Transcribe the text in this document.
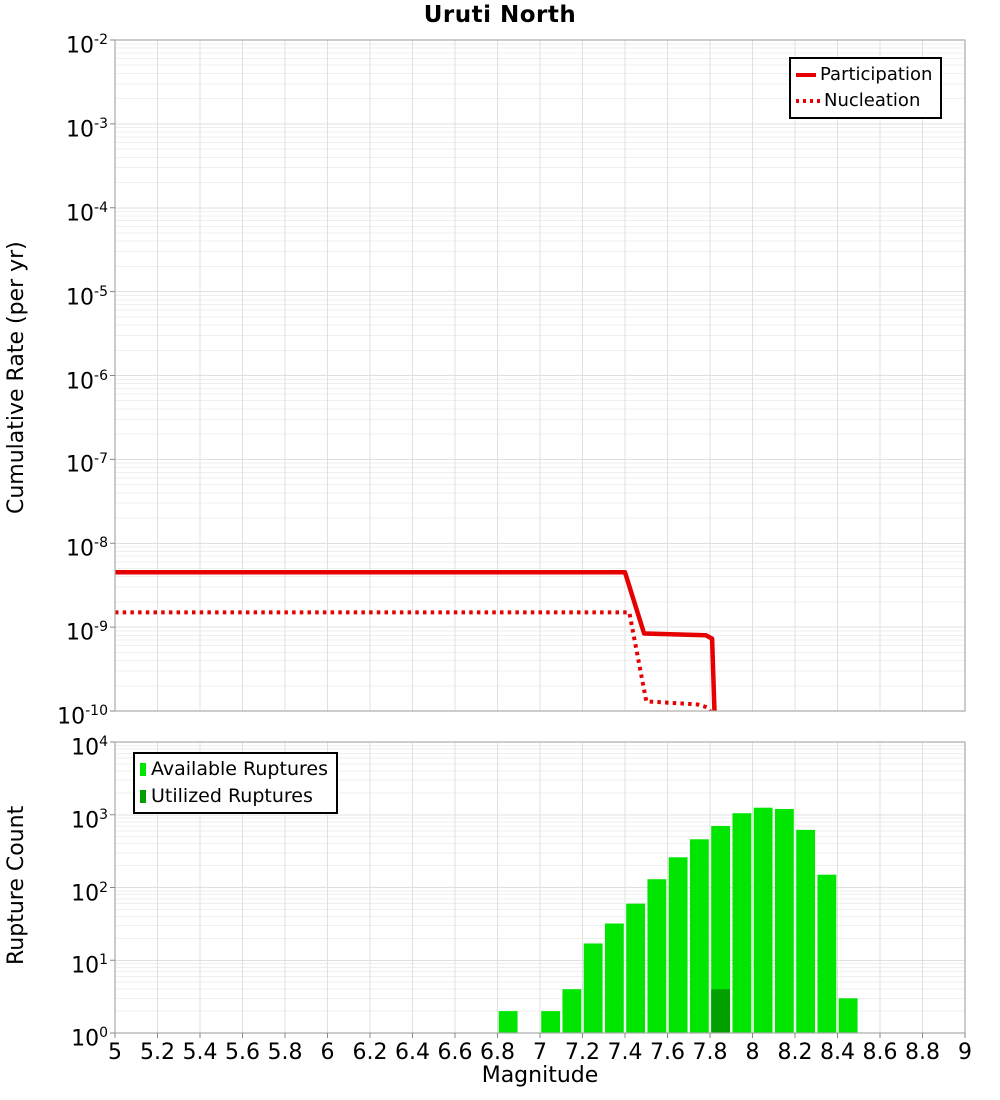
Uruti North
Cumulative Rate (per yr)
Rupture Count
Magnitude
$10^{-2}$
$10^{-3}$
$10^{-4}$
$10^{-5}$
$10^{-6}$
$10^{-7}$
$10^{-8}$
$10^{-9}$
$10^{-10}$
$10^4$
$10^3$
$10^2$
$10^1$
$10^0$
5 5.2 5.4 5.6 5.8 6 6.2 6.4 6.6 6.8 7 7.2 7.4 7.6 7.8 8 8.2 8.4 8.6 8.8 9
Participation
Nucleation
Available Ruptures
Utilized Ruptures
